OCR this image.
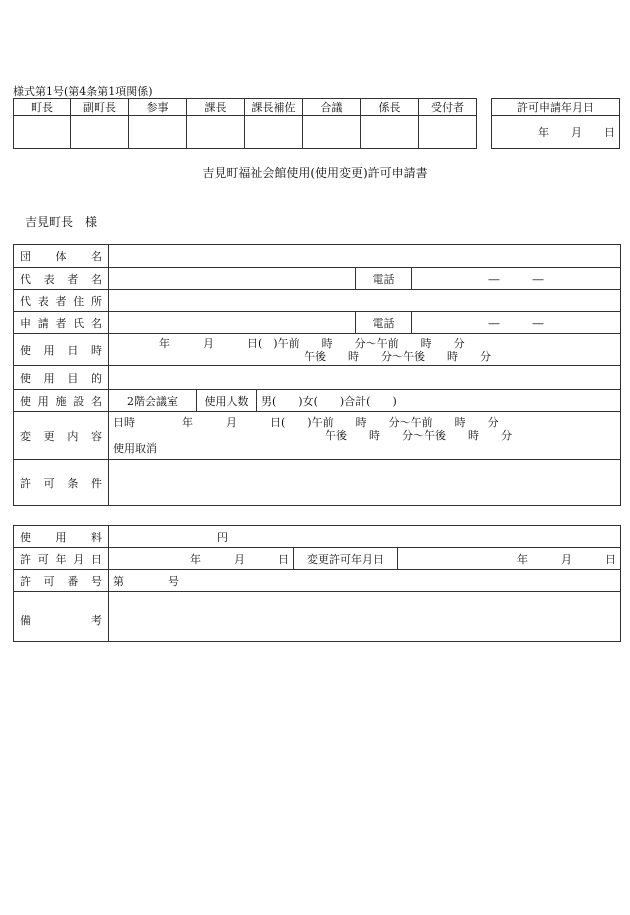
様式第1号(第4条第1項関係)
町長	副町長	参事	課長	課長補佐	合議	係長	受付者
								許可申請年月日
年　　月　　日
吉見町福祉会館使用(使用変更)許可申請書
吉見町長　様
団体名					
代表者名				電話	―　　　―
代表者住所					
申請者氏名				電話	―　　　―
使用日時	年　　　月　　　日(　)午前　　時　　分～午前　　時　　分
午後　　時　　分～午後　　時　　分				

使用目的					
使用施設名	2階会議室	使用人数	男(　　)女(　　)合計(　　)		
変更内容	日時 年　　　月　　　日(　　)午前　　時　　分～午前　　時　　分
午後　　時　　分～午後　　時　　分
使用取消				

許可条件					
使用料	円		
許可年月日	年　　　月　　　日	変更許可年月日	年　　　月　　　日
許可番号	第　　　　号		
備考			
